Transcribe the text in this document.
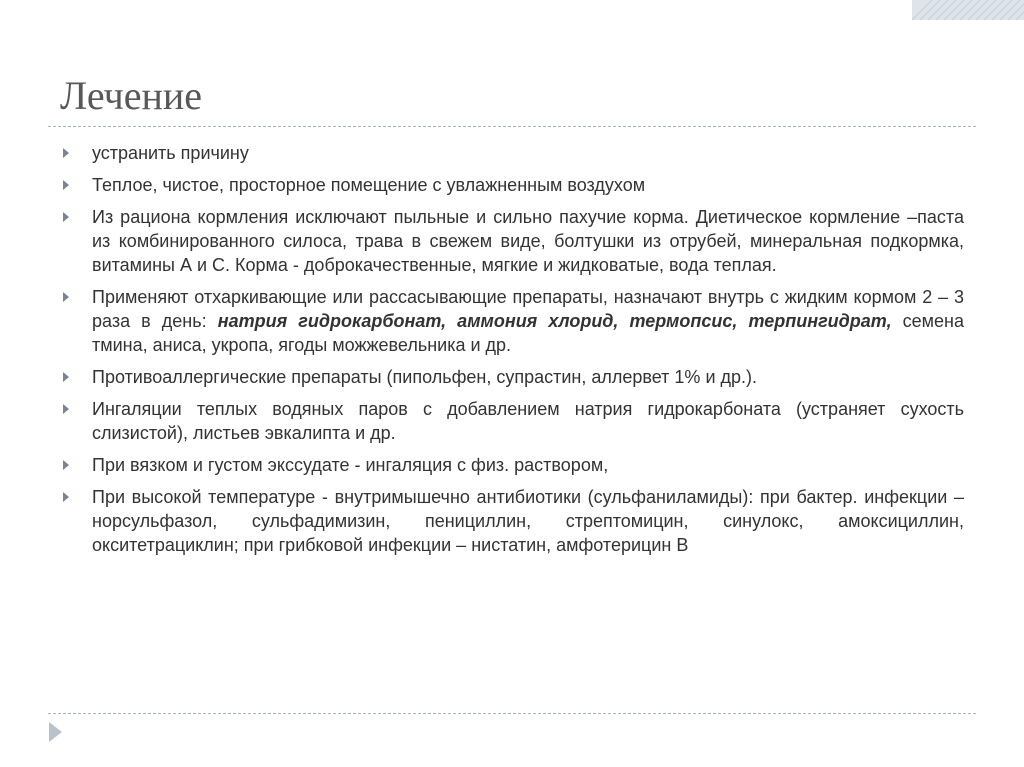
Лечение
устранить причину
Теплое, чистое, просторное помещение с увлажненным воздухом
Из рациона кормления исключают пыльные и сильно пахучие корма. Диетическое кормление –паста из комбинированного силоса, трава в свежем виде, болтушки из отрубей, минеральная подкормка, витамины А и С. Корма - доброкачественные, мягкие и жидковатые, вода теплая.
Применяют отхаркивающие или рассасывающие препараты, назначают внутрь с жидким кормом 2 – 3 раза в день: натрия гидрокарбонат, аммония хлорид, термопсис, терпингидрат, семена тмина, аниса, укропа, ягоды можжевельника и др.
Противоаллергические препараты (пипольфен, супрастин, аллервет 1% и др.).
Ингаляции теплых водяных паров с добавлением натрия гидрокарбоната (устраняет сухость слизистой), листьев эвкалипта и др.
При вязком и густом экссудате - ингаляция с физ. раствором,
При высокой температуре - внутримышечно антибиотики (сульфаниламиды): при бактер. инфекции – норсульфазол, сульфадимизин, пенициллин, стрептомицин, синулокс, амоксициллин, окситетрациклин; при грибковой инфекции – нистатин, амфотерицин В
